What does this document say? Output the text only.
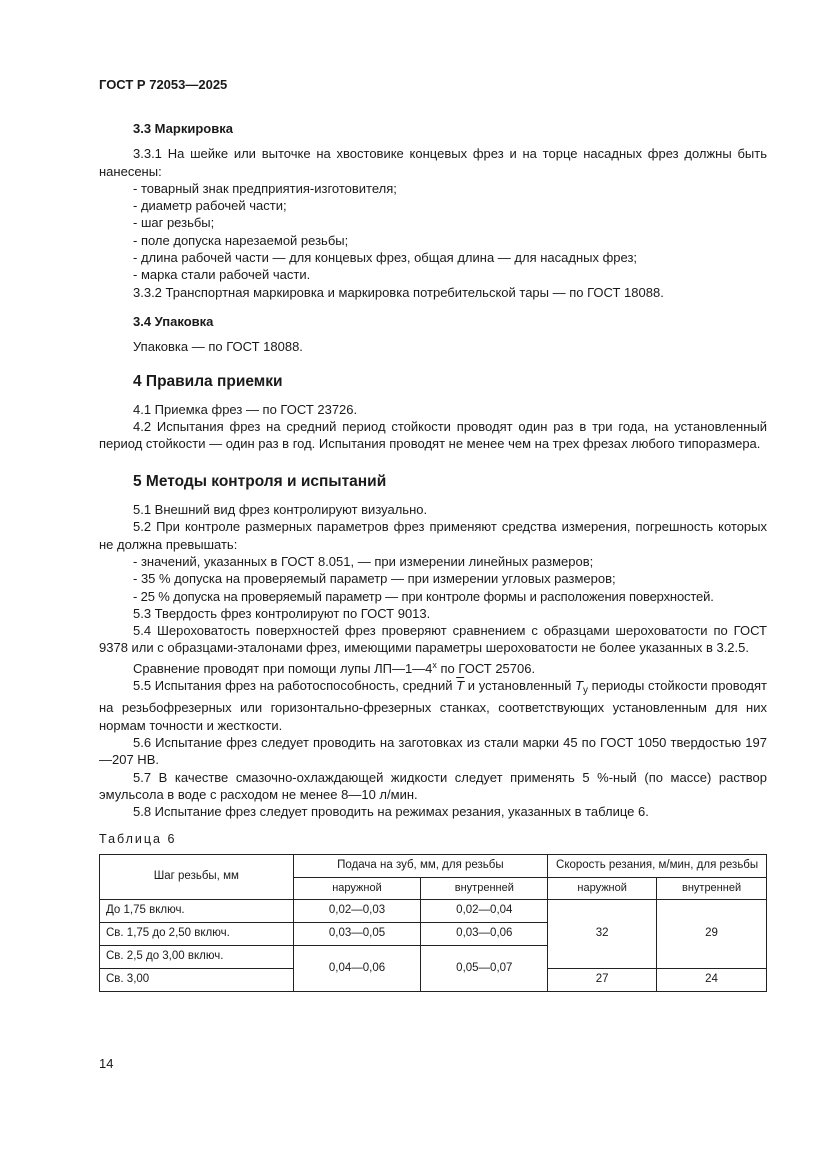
ГОСТ Р 72053—2025

3.3 Маркировка

3.3.1 На шейке или выточке на хвостовике концевых фрез и на торце насадных фрез должны быть нанесены:

- товарный знак предприятия-изготовителя;

- диаметр рабочей части;

- шаг резьбы;

- поле допуска нарезаемой резьбы;

- длина рабочей части — для концевых фрез, общая длина — для насадных фрез;

- марка стали рабочей части.

3.3.2 Транспортная маркировка и маркировка потребительской тары — по ГОСТ 18088.

3.4 Упаковка

Упаковка — по ГОСТ 18088.

4 Правила приемки

4.1 Приемка фрез — по ГОСТ 23726.

4.2 Испытания фрез на средний период стойкости проводят один раз в три года, на установленный период стойкости — один раз в год. Испытания проводят не менее чем на трех фрезах любого типоразмера.

5 Методы контроля и испытаний

5.1 Внешний вид фрез контролируют визуально.

5.2 При контроле размерных параметров фрез применяют средства измерения, погрешность которых не должна превышать:

- значений, указанных в ГОСТ 8.051, — при измерении линейных размеров;

- 35 % допуска на проверяемый параметр — при измерении угловых размеров;

- 25 % допуска на проверяемый параметр — при контроле формы и расположения поверхностей.

5.3 Твердость фрез контролируют по ГОСТ 9013.

5.4 Шероховатость поверхностей фрез проверяют сравнением с образцами шероховатости по ГОСТ 9378 или с образцами-эталонами фрез, имеющими параметры шероховатости не более указанных в 3.2.5.

Сравнение проводят при помощи лупы $ЛП—1—4^х$ по ГОСТ 25706.

5.5 Испытания фрез на работоспособность, средний $\overline{T}$ и установленный $T_у$ периоды стойкости проводят на резьбофрезерных или горизонтально-фрезерных станках, соответствующих установленным для них нормам точности и жесткости.

5.6 Испытание фрез следует проводить на заготовках из стали марки 45 по ГОСТ 1050 твердостью 197—207 НВ.

5.7 В качестве смазочно-охлаждающей жидкости следует применять 5 %-ный (по массе) раствор эмульсола в воде с расходом не менее 8—10 л/мин.

5.8 Испытание фрез следует проводить на режимах резания, указанных в таблице 6.

Таблица 6

Шаг резьбы, мм	Подача на зуб, мм, для резьбы		Скорость резания, м/мин, для резьбы	
	наружной	внутренней	наружной	внутренней
До 1,75 включ.	0,02—0,03	0,02—0,04	32	29
Св. 1,75 до 2,50 включ.	0,03—0,05	0,03—0,06		
Св. 2,5 до 3,00 включ.	0,04—0,06	0,05—0,07		
Св. 3,00			27	24
14
